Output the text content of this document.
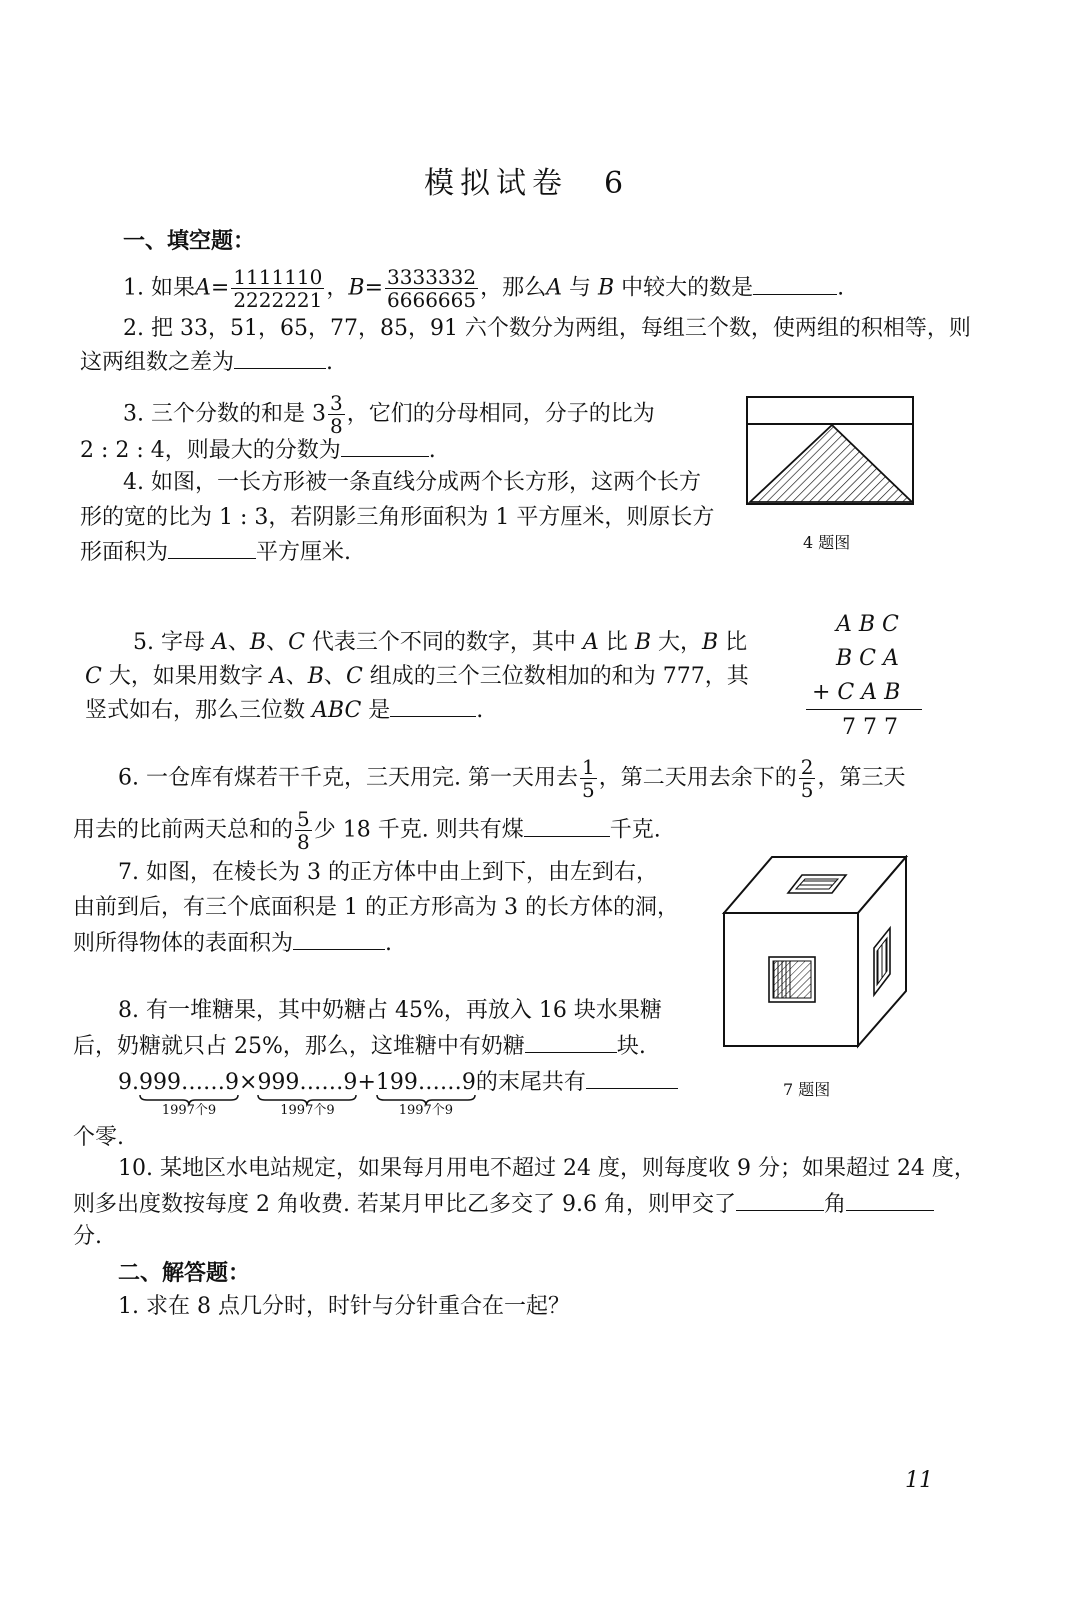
模拟试卷　6
一、填空题：
1. 如果$A= \frac{1111110}{2222221}$ ，$B= \frac{3333332}{6666665}$ ，那么A 与 B 中较大的数是	.
2. 把 33，51，65，77，85，91 六个数分为两组，每组三个数，使两组的积相等，则
这两组数之差为	.
3. 三个分数的和是 $3 \frac{3}{8}$ ，它们的分母相同，分子的比为
2 : 2 : 4，则最大的分数为	.
4. 如图，一长方形被一条直线分成两个长方形，这两个长方
形的宽的比为 1 : 3，若阴影三角形面积为 1 平方厘米，则原长方
形面积为	平方厘米.	4 题图
5. 字母 A、B、C 代表三个不同的数字，其中 A 比 B 大，B 比
C 大，如果用数字 A、B、C 组成的三个三位数相加的和为 777，其
竖式如右，那么三位数 ABC 是	.
A B C
B C A
+ C A B
7 7 7
6. 一仓库有煤若干千克，三天用完. 第一天用去 $\frac{1}{5}$ ，第二天用去余下的 $\frac{2}{5}$ ，第三天
用去的比前两天总和的 $\frac{5}{8}$ 少 18 千克. 则共有煤	千克.
7. 如图，在棱长为 3 的正方体中由上到下，由左到右，
由前到后，有三个底面积是 1 的正方形高为 3 的长方体的洞，
则所得物体的表面积为	.
7 题图
8. 有一堆糖果，其中奶糖占 45%，再放入 16 块水果糖
后，奶糖就只占 25%，那么，这堆糖中有奶糖	块.
9.999……9
1997个9
×999……9
1997个9
+199……9
1997个9
的末尾共有
个零.
10. 某地区水电站规定，如果每月用电不超过 24 度，则每度收 9 分；如果超过 24 度，
则多出度数按每度 2 角收费. 若某月甲比乙多交了 9.6 角，则甲交了	角
分.
二、解答题：
1. 求在 8 点几分时，时针与分针重合在一起？
11
